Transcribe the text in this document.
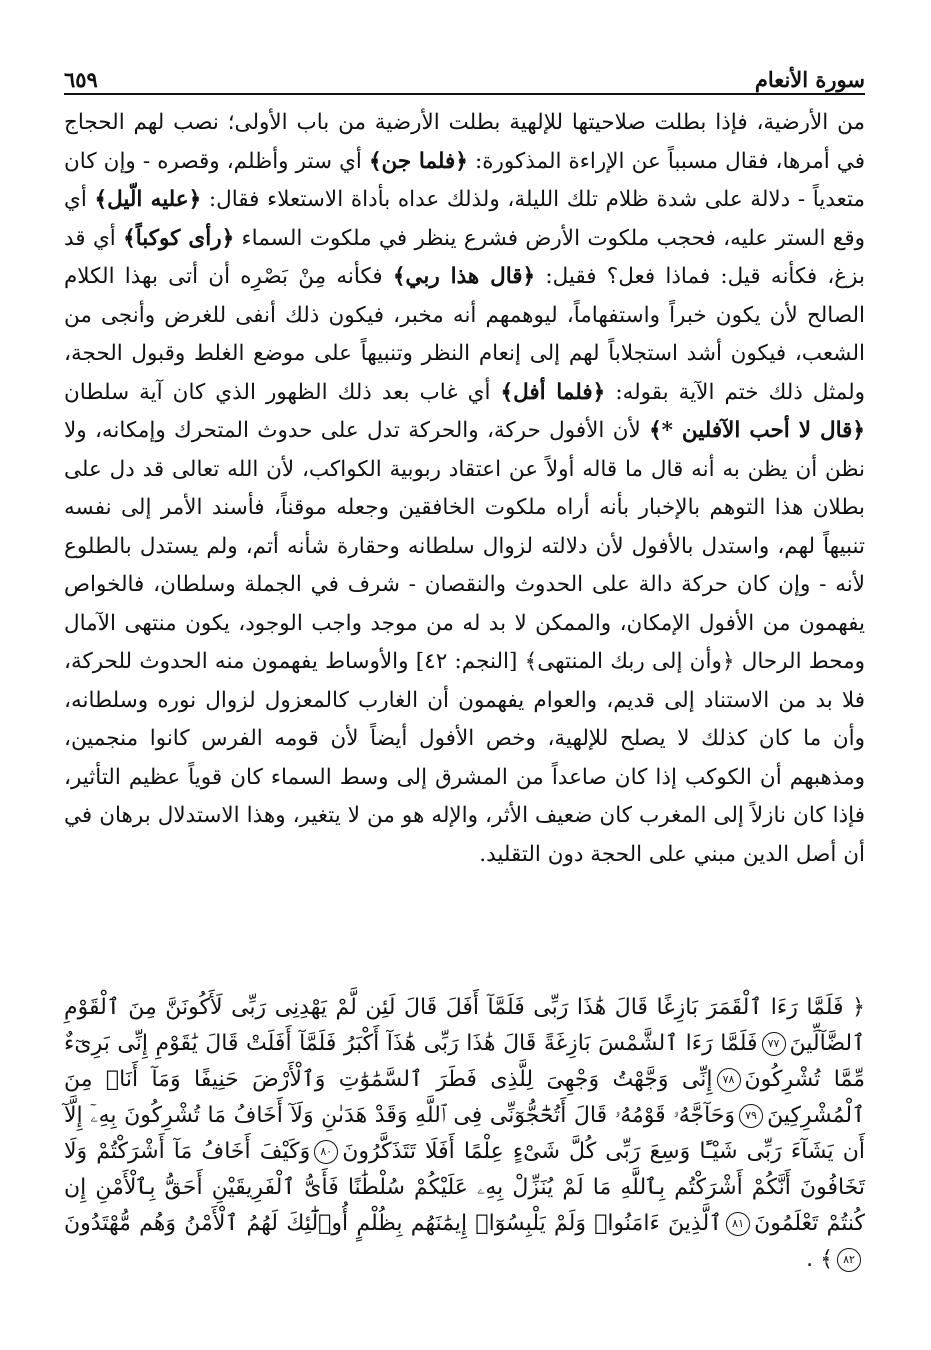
سورة الأنعام
٦٥٩

من الأرضية، فإذا بطلت صلاحيتها للإلهية بطلت الأرضية من باب الأولى؛ نصب لهم الحجاج في أمرها، فقال مسبباً عن الإراءة المذكورة: ﴿فلما جن﴾ أي ستر وأظلم، وقصره - وإن كان متعدياً - دلالة على شدة ظلام تلك الليلة، ولذلك عداه بأداة الاستعلاء فقال: ﴿عليه الّيل﴾ أي وقع الستر عليه، فحجب ملكوت الأرض فشرع ينظر في ملكوت السماء ﴿رأى كوكباً﴾ أي قد بزغ، فكأنه قيل: فماذا فعل؟ فقيل: ﴿قال هذا ربي﴾ فكأنه مِنْ بَصْرِه أن أتى بهذا الكلام الصالح لأن يكون خبراً واستفهاماً، ليوهمهم أنه مخبر، فيكون ذلك أنفى للغرض وأنجى من الشعب، فيكون أشد استجلاباً لهم إلى إنعام النظر وتنبيهاً على موضع الغلط وقبول الحجة، ولمثل ذلك ختم الآية بقوله: ﴿فلما أفل﴾ أي غاب بعد ذلك الظهور الذي كان آية سلطان ﴿قال لا أحب الآفلين *﴾ لأن الأفول حركة، والحركة تدل على حدوث المتحرك وإمكانه، ولا نظن أن يظن به أنه قال ما قاله أولاً عن اعتقاد ربوبية الكواكب، لأن الله تعالى قد دل على بطلان هذا التوهم بالإخبار بأنه أراه ملكوت الخافقين وجعله موقناً، فأسند الأمر إلى نفسه تنبيهاً لهم، واستدل بالأفول لأن دلالته لزوال سلطانه وحقارة شأنه أتم، ولم يستدل بالطلوع لأنه - وإن كان حركة دالة على الحدوث والنقصان - شرف في الجملة وسلطان، فالخواص يفهمون من الأفول الإمكان، والممكن لا بد له من موجد واجب الوجود، يكون منتهى الآمال ومحط الرحال ﴿وأن إلى ربك المنتهى﴾ [النجم: ٤٢] والأوساط يفهمون منه الحدوث للحركة، فلا بد من الاستناد إلى قديم، والعوام يفهمون أن الغارب كالمعزول لزوال نوره وسلطانه، وأن ما كان كذلك لا يصلح للإلهية، وخص الأفول أيضاً لأن قومه الفرس كانوا منجمين، ومذهبهم أن الكوكب إذا كان صاعداً من المشرق إلى وسط السماء كان قوياً عظيم التأثير، فإذا كان نازلاً إلى المغرب كان ضعيف الأثر، والإله هو من لا يتغير، وهذا الاستدلال برهان في أن أصل الدين مبني على الحجة دون التقليد.

﴿ فَلَمَّا رَءَا ٱلْقَمَرَ بَازِغًا قَالَ هَٰذَا رَبِّى فَلَمَّآ أَفَلَ قَالَ لَئِن لَّمْ يَهْدِنِى رَبِّى لَأَكُونَنَّ مِنَ ٱلْقَوْمِ ٱلضَّآلِّينَ٧٧فَلَمَّا رَءَا ٱلشَّمْسَ بَازِغَةً قَالَ هَٰذَا رَبِّى هَٰذَآ أَكْبَرُ فَلَمَّآ أَفَلَتْ قَالَ يَٰقَوْمِ إِنِّى بَرِىٓءٌ مِّمَّا تُشْرِكُونَ٧٨إِنِّى وَجَّهْتُ وَجْهِىَ لِلَّذِى فَطَرَ ٱلسَّمَٰوَٰتِ وَٱلْأَرْضَ حَنِيفًا وَمَآ أَنَا۠ مِنَ ٱلْمُشْرِكِينَ٧٩وَحَآجَّهُۥ قَوْمُهُۥ قَالَ أَتُحَٰٓجُّوٓنِّى فِى ٱللَّهِ وَقَدْ هَدَىٰنِ وَلَآ أَخَافُ مَا تُشْرِكُونَ بِهِۦٓ إِلَّآ أَن يَشَآءَ رَبِّى شَيْـًٔا وَسِعَ رَبِّى كُلَّ شَىْءٍ عِلْمًا أَفَلَا تَتَذَكَّرُونَ٨٠وَكَيْفَ أَخَافُ مَآ أَشْرَكْتُمْ وَلَا تَخَافُونَ أَنَّكُمْ أَشْرَكْتُم بِٱللَّهِ مَا لَمْ يُنَزِّلْ بِهِۦ عَلَيْكُمْ سُلْطَٰنًا فَأَىُّ ٱلْفَرِيقَيْنِ أَحَقُّ بِٱلْأَمْنِ إِن كُنتُمْ تَعْلَمُونَ٨١ٱلَّذِينَ ءَامَنُوا۟ وَلَمْ يَلْبِسُوٓا۟ إِيمَٰنَهُم بِظُلْمٍ أُو۟لَٰٓئِكَ لَهُمُ ٱلْأَمْنُ وَهُم مُّهْتَدُونَ٨٢﴾ .
